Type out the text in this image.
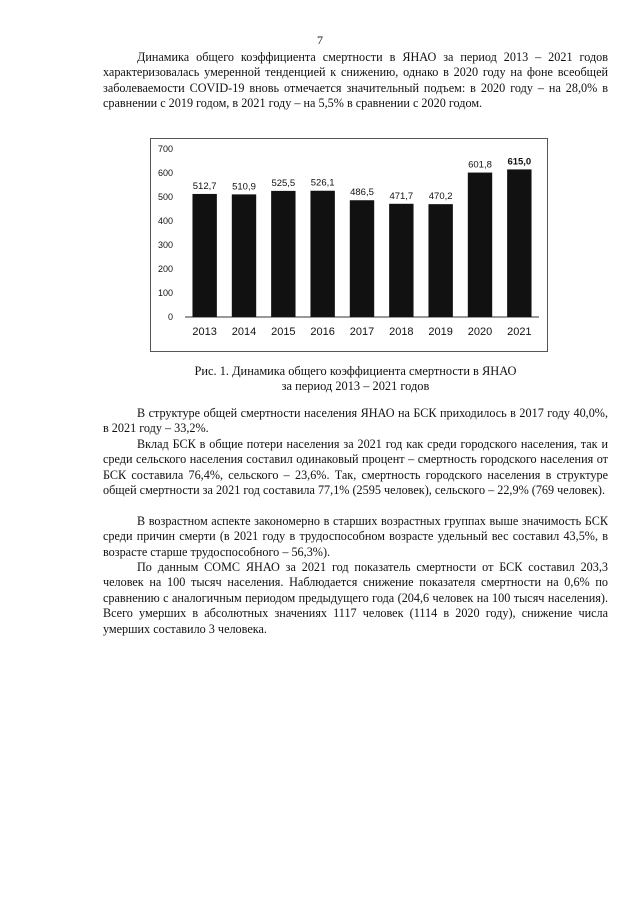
7

Динамика общего коэффициента смертности в ЯНАО за период 2013 – 2021 годов характеризовалась умеренной тенденцией к снижению, однако в 2020 году на фоне всеобщей заболеваемости COVID-19 вновь отмечается значительный подъем: в 2020 году – на 28,0% в сравнении с 2019 годом, в 2021 году – на 5,5% в сравнении с 2020 годом.

0
100
200
300
400
500
600
700
512,7
2013
510,9
2014
525,5
2015
526,1
2016
486,5
2017
471,7
2018
470,2
2019
601,8
2020
615,0
2021
Рис. 1. Динамика общего коэффициента смертности в ЯНАО
за период 2013 – 2021 годов

В структуре общей смертности населения ЯНАО на БСК приходилось в 2017 году 40,0%, в 2021 году – 33,2%.

Вклад БСК в общие потери населения за 2021 год как среди городского населения, так и среди сельского населения составил одинаковый процент – смертность городского населения от БСК составила 76,4%, сельского – 23,6%. Так, смертность городского населения в структуре общей смертности за 2021 год составила 77,1% (2595 человек), сельского – 22,9% (769 человек).

В возрастном аспекте закономерно в старших возрастных группах выше значимость БСК среди причин смерти (в 2021 году в трудоспособном возрасте удельный вес составил 43,5%, в возрасте старше трудоспособного – 56,3%).

По данным СОМС ЯНАО за 2021 год показатель смертности от БСК составил 203,3 человек на 100 тысяч населения. Наблюдается снижение показателя смертности на 0,6% по сравнению с аналогичным периодом предыдущего года (204,6 человек на 100 тысяч населения). Всего умерших в абсолютных значениях 1117 человек (1114 в 2020 году), снижение числа умерших составило 3 человека.
